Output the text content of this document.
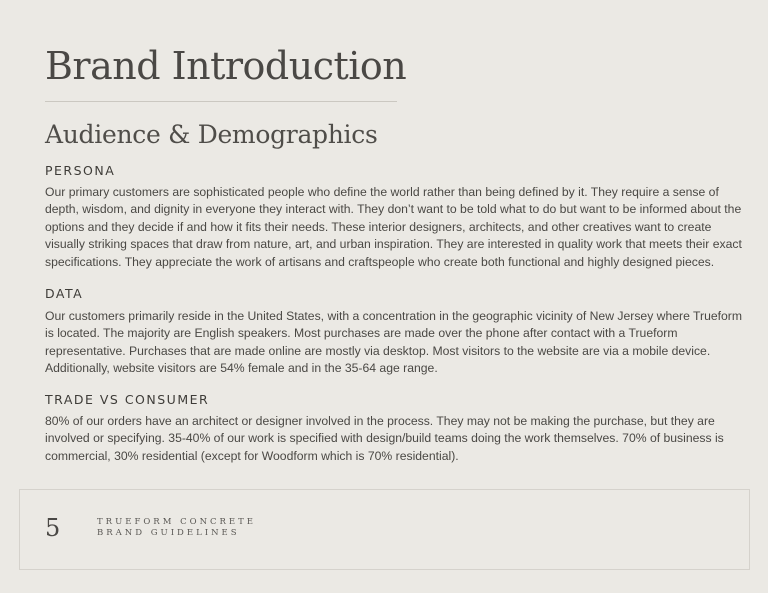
Brand Introduction
Audience & Demographics
PERSONA

Our primary customers are sophisticated people who define the world rather than being defined by it. They require a sense of depth, wisdom, and dignity in everyone they interact with. They don’t want to be told what to do but want to be informed about the options and they decide if and how it fits their needs. These interior designers, architects, and other creatives want to create visually striking spaces that draw from nature, art, and urban inspiration. They are interested in quality work that meets their exact specifications. They appreciate the work of artisans and craftspeople who create both functional and highly designed pieces.

DATA

Our customers primarily reside in the United States, with a concentration in the geographic vicinity of New Jersey where Trueform is located. The majority are English speakers. Most purchases are made over the phone after contact with a Trueform representative. Purchases that are made online are mostly via desktop. Most visitors to the website are via a mobile device. Additionally, website visitors are 54% female and in the 35-64 age range.

TRADE VS CONSUMER

80% of our orders have an architect or designer involved in the process. They may not be making the purchase, but they are involved or specifying. 35-40% of our work is specified with design/build teams doing the work themselves. 70% of business is commercial, 30% residential (except for Woodform which is 70% residential).

5	TRUEFORM CONCRETE
BRAND GUIDELINES
